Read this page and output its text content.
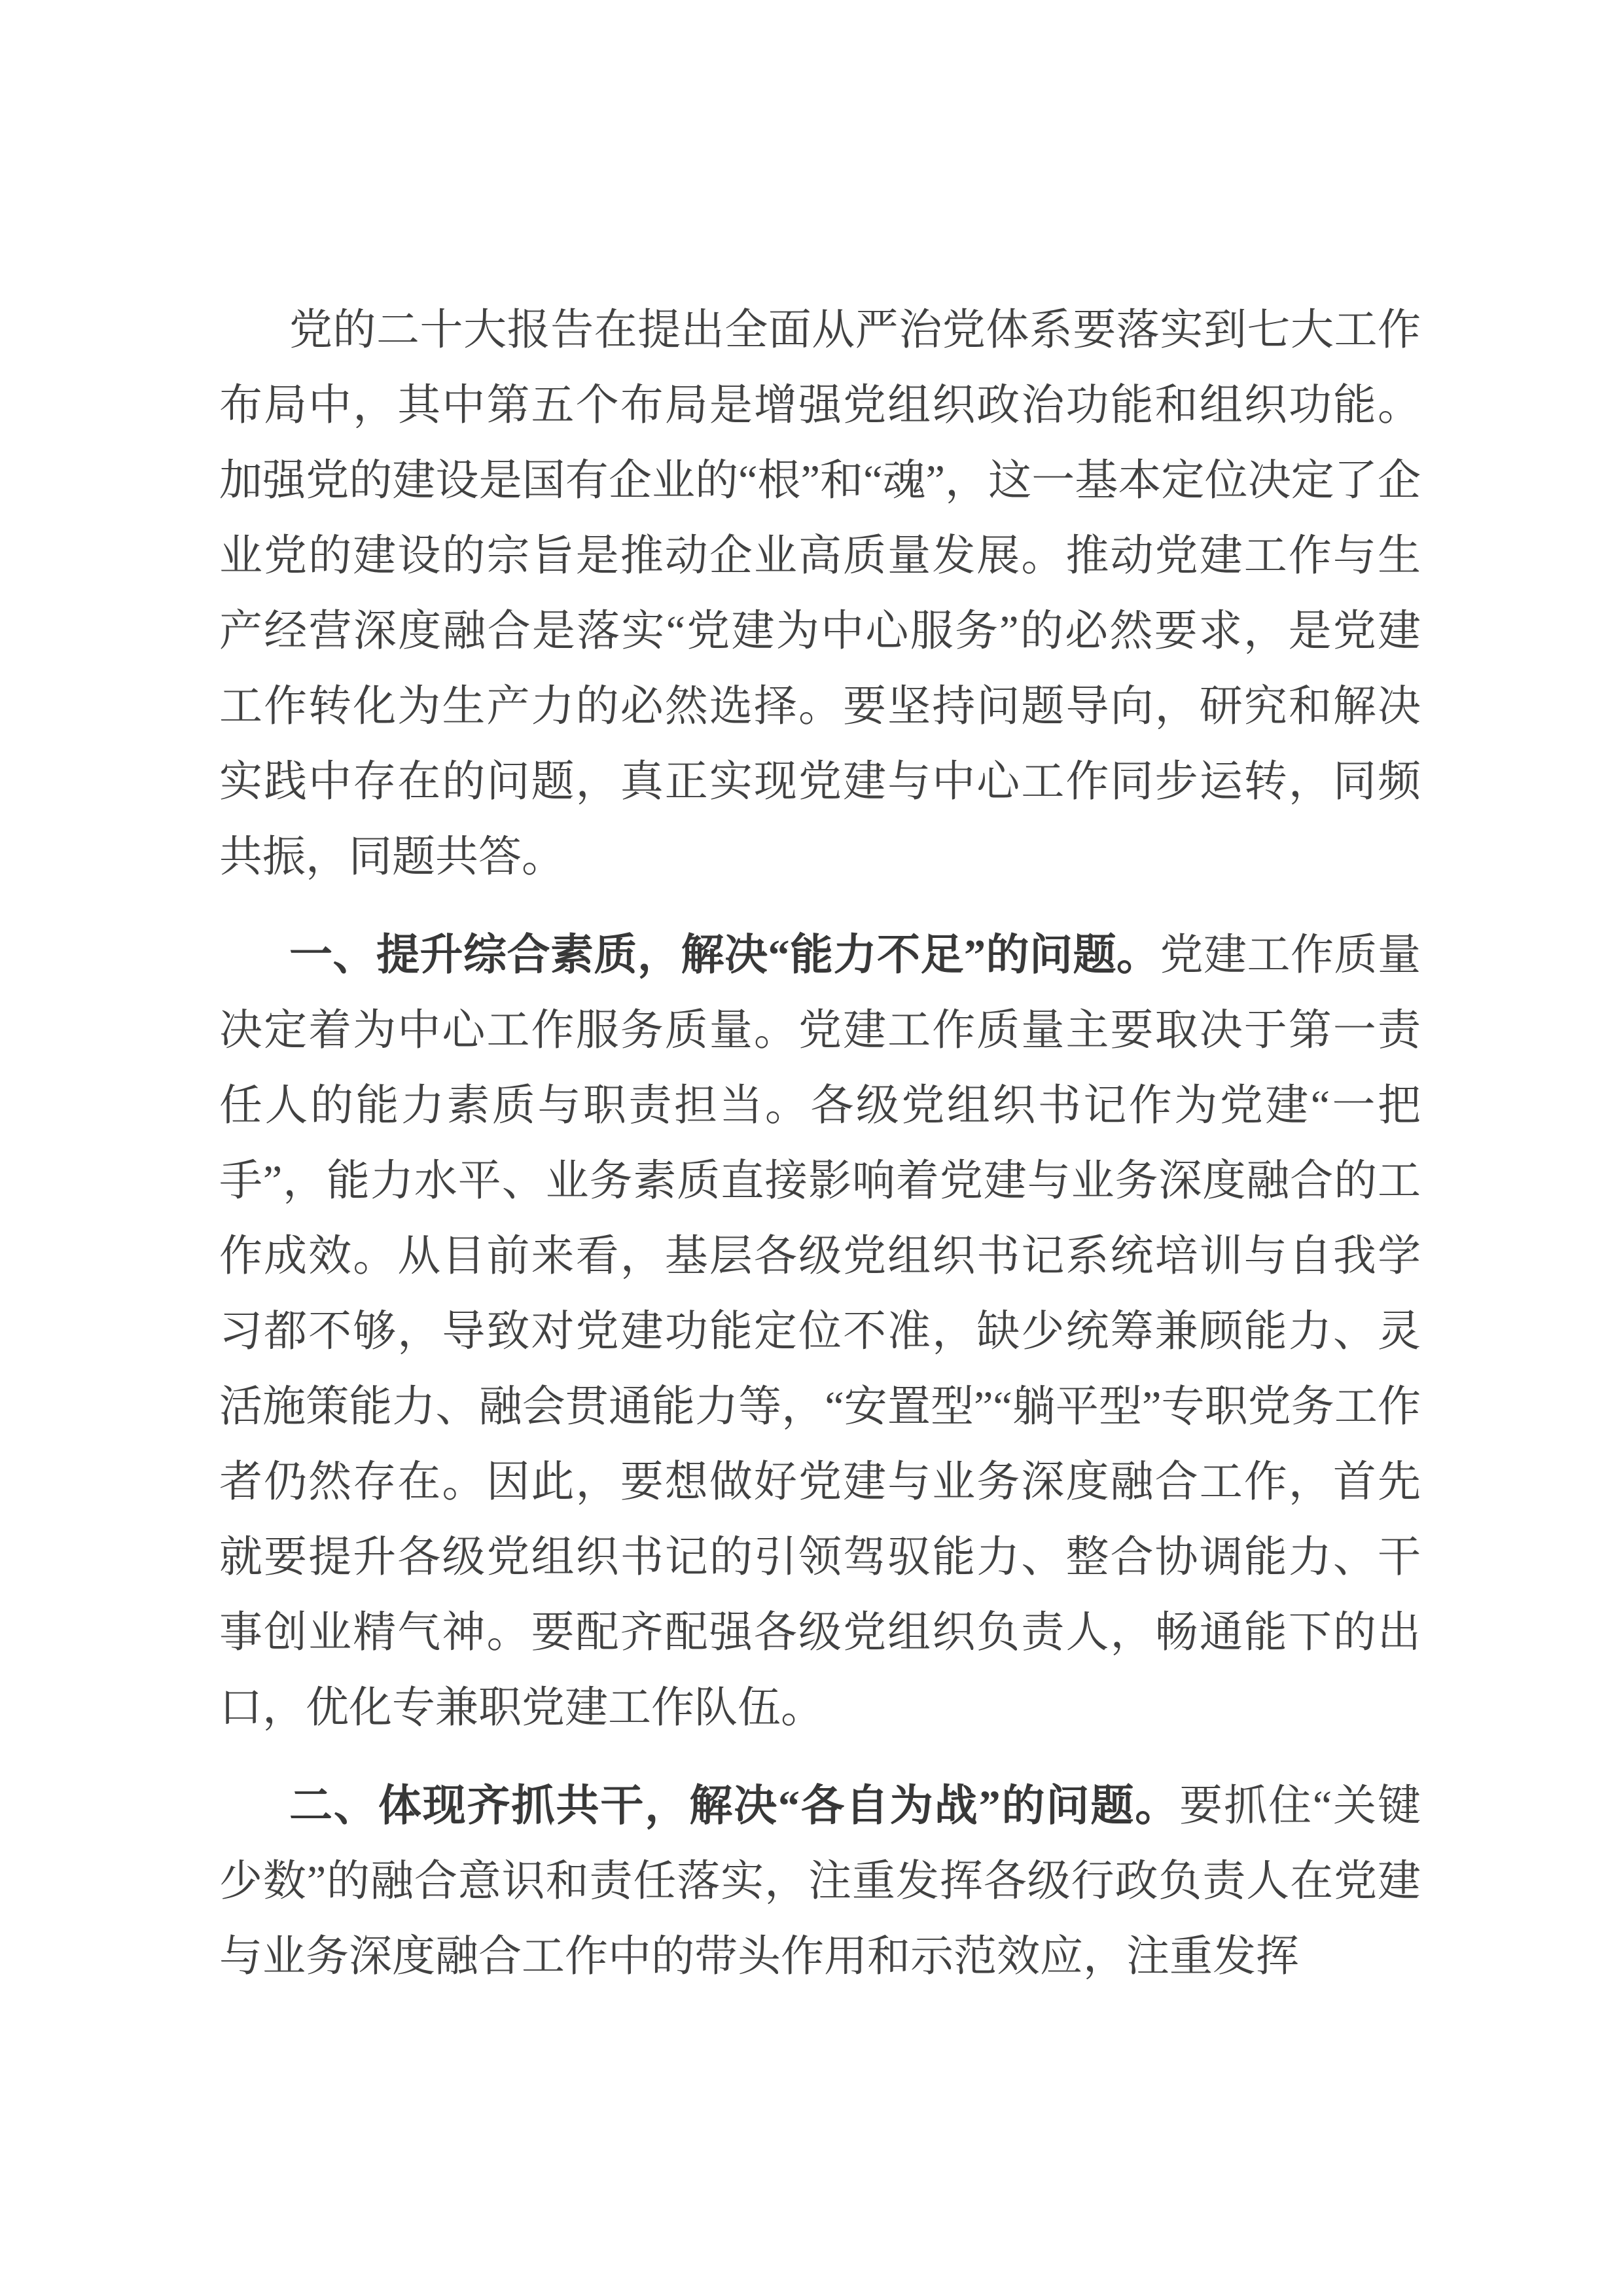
党的二十大报告在提出全面从严治党体系要落实到七大工作布局中，其中第五个布局是增强党组织政治功能和组织功能。加强党的建设是国有企业的“根”和“魂”，这一基本定位决定了企业党的建设的宗旨是推动企业高质量发展。推动党建工作与生产经营深度融合是落实“党建为中心服务”的必然要求，是党建工作转化为生产力的必然选择。要坚持问题导向，研究和解决实践中存在的问题，真正实现党建与中心工作同步运转，同频共振，同题共答。

一、提升综合素质，解决“能力不足”的问题。党建工作质量决定着为中心工作服务质量。党建工作质量主要取决于第一责任人的能力素质与职责担当。各级党组织书记作为党建“一把手”，能力水平、业务素质直接影响着党建与业务深度融合的工作成效。从目前来看，基层各级党组织书记系统培训与自我学习都不够，导致对党建功能定位不准，缺少统筹兼顾能力、灵活施策能力、融会贯通能力等，“安置型”“躺平型”专职党务工作者仍然存在。因此，要想做好党建与业务深度融合工作，首先就要提升各级党组织书记的引领驾驭能力、整合协调能力、干事创业精气神。要配齐配强各级党组织负责人，畅通能下的出口，优化专兼职党建工作队伍。

二、体现齐抓共干，解决“各自为战”的问题。要抓住“关键少数”的融合意识和责任落实，注重发挥各级行政负责人在党建与业务深度融合工作中的带头作用和示范效应，注重发挥
